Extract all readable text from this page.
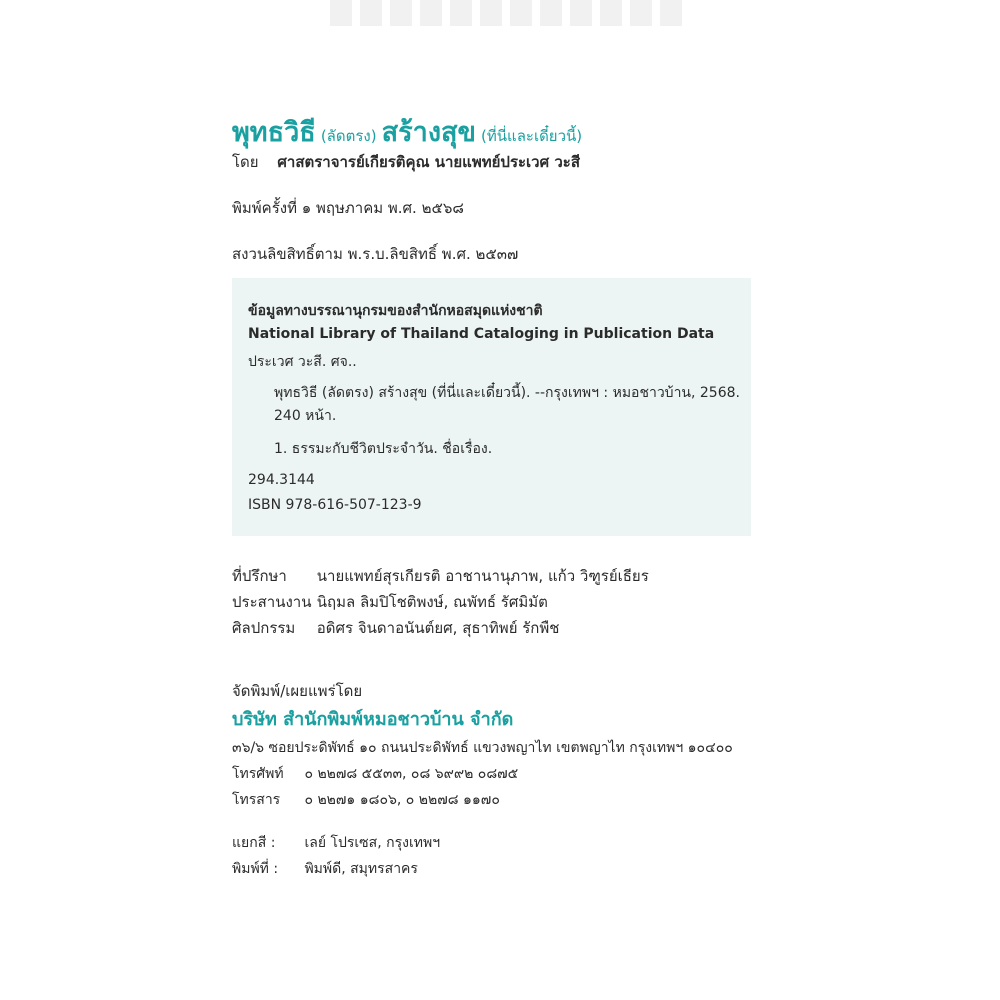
พุทธวิธี (ลัดตรง) สร้างสุข (ที่นี่และเดี๋ยวนี้)
โดย ศาสตราจารย์เกียรติคุณ นายแพทย์ประเวศ วะสี
พิมพ์ครั้งที่ ๑ พฤษภาคม พ.ศ. ๒๕๖๘
สงวนลิขสิทธิ์ตาม พ.ร.บ.ลิขสิทธิ์ พ.ศ. ๒๕๓๗
ข้อมูลทางบรรณานุกรมของสำนักหอสมุดแห่งชาติ
National Library of Thailand Cataloging in Publication Data
ประเวศ วะสี. ศจ..
พุทธวิธี (ลัดตรง) สร้างสุข (ที่นี่และเดี๋ยวนี้). --กรุงเทพฯ : หมอชาวบ้าน, 2568.
240 หน้า.
1. ธรรมะกับชีวิตประจำวัน. ชื่อเรื่อง.
294.3144
ISBN 978-616-507-123-9
ที่ปรึกษา นายแพทย์สุรเกียรติ อาชานานุภาพ, แก้ว วิฑูรย์เธียร
ประสานงาน นิฤมล ลิมปิโชติพงษ์, ณพัทธ์ รัศมิมัต
ศิลปกรรม อดิศร จินดาอนันต์ยศ, สุธาทิพย์ รักพืช
จัดพิมพ์/เผยแพร่โดย
บริษัท สำนักพิมพ์หมอชาวบ้าน จำกัด
๓๖/๖ ซอยประดิพัทธ์ ๑๐ ถนนประดิพัทธ์ แขวงพญาไท เขตพญาไท กรุงเทพฯ ๑๐๔๐๐
โทรศัพท์ ๐ ๒๒๗๘ ๕๕๓๓, ๐๘ ๖๙๙๒ ๐๘๗๕
โทรสาร ๐ ๒๒๗๑ ๑๘๐๖, ๐ ๒๒๗๘ ๑๑๗๐
แยกสี : เลย์ โปรเซส, กรุงเทพฯ
พิมพ์ที่ : พิมพ์ดี, สมุทรสาคร
